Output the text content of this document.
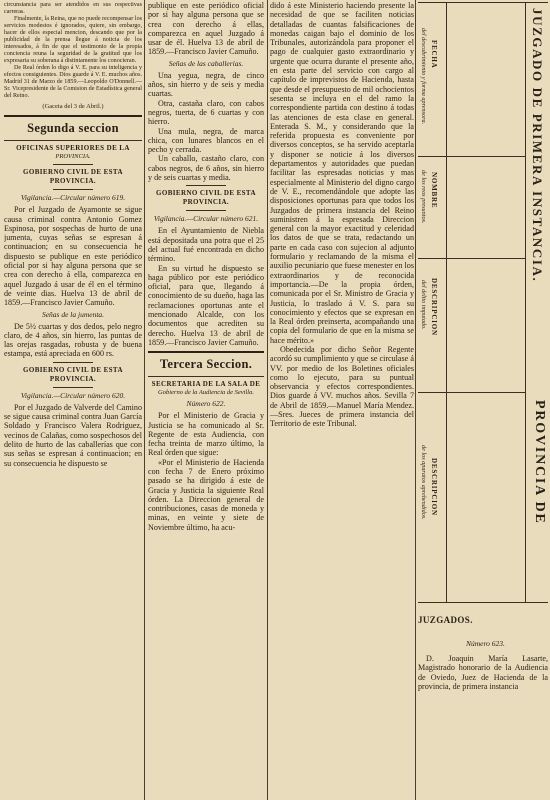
circunstancia para ser atendidos en sus respectivas carreras.

Finalmente, la Reina, que no puede recompensar los servicios modestos é ignorados, quiere, sin embargo, hacer de ellos especial mencion, descando que por la publicidad de la prensa llegue á noticia de los interesados, á fin de que el testimonio de la propia conciencia reuna la seguridad de la gratitud que los expresaria su soberana á distintamente los conocieran.

De Real órden lo digo á V. E. para su inteligencia y efectos consiguientes. Dios guarde á V. E. muchos años. Madrid 31 de Marzo de 1859.—Leopoldo O'Donnell.—Sr. Vicepresidente de la Comision de Estadística general del Reino.

(Gaceta del 3 de Abril.)

Segunda seccion
OFICINAS SUPERIORES DE LA
PROVINCIA.
GOBIERNO CIVIL DE ESTA PROVINCIA.
Vigilancia.—Circular número 619.

Por el Juzgado de Ayamonte se sigue causa criminal contra Antonio Gomez Espinosa, por sospechas de hurto de una jumenta, cuyas señas se espresan á continuacion; en su consecuencia he dispuesto se publique en este periódico oficial por si hay alguna persona que se crea con derecho á ella, comparezca en aquel Juzgado á usar de él en el término de veinte dias. Huelva 13 de abril de 1859.—Francisco Javier Camuño.

Señas de la jumenta.

De 5½ cuartas y dos dedos, pelo negro claro, de 4 años, sin hierro, las puntas de las orejas rasgadas, robusta y de buena estampa, está apreciada en 600 rs.

GOBIERNO CIVIL DE ESTA PROVINCIA.
Vigilancia.—Circular número 620.

Por el Juzgado de Valverde del Camino se sigue causa criminal contra Juan García Soldado y Francisco Valera Rodriguez, vecinos de Calañas, como sospechosos del delito de hurto de las caballerías que con sus señas se espresan á continuacion; en su consecuencia he dispuesto se

publique en este periódico oficial por si hay alguna persona que se crea con derecho á ellas, comparezca en aquel Juzgado á usar de él. Huelva 13 de abril de 1859.—Francisco Javier Camuño.

Señas de las caballerías.

Una yegua, negra, de cinco años, sin hierro y de seis y media cuartas.

Otra, castaña claro, con cabos negros, tuerta, de 6 cuartas y con hierro.

Una mula, negra, de marca chica, con lunares blancos en el pecho y cerrada.

Un caballo, castaño claro, con cabos negros, de 6 años, sin hierro y de seis cuartas y media.

GOBIERNO CIVIL DE ESTA PROVINCIA.
Vigilancia.—Circular número 621.

En el Ayuntamiento de Niebla está depositada una potra que el 25 del actual fué encontrada en dicho término.

En su virtud he dispuesto se haga público por este periódico oficial, para que, llegando á conocimiento de su dueño, haga las reclamaciones oportunas ante el mencionado Alcalde, con los documentos que acrediten su derecho. Huelva 13 de abril de 1859.—Francisco Javier Camuño.

Tercera Seccion.
SECRETARIA DE LA SALA DE
Gobierno de la Audiencia de Sevilla.
Número 622.

Por el Ministerio de Gracia y Justicia se ha comunicado al Sr. Regente de esta Audiencia, con fecha treinta de marzo último, la Real órden que sigue:

«Por el Ministerio de Hacienda con fecha 7 de Enero próximo pasado se ha dirigido á este de Gracia y Justicia la siguiente Real órden. La Direccion general de contribuciones, casas de moneda y minas, en veinte y siete de Noviembre último, ha acu-

dido á este Ministerio haciendo presente la necesidad de que se faciliten noticias detalladas de cuantas falsificaciones de monedas caigan bajo el dominio de los Tribunales, autorizándola para proponer el pago de cualquier gasto extraordinario y urgente que ocurra durante el presente año, en esta parte del servicio con cargo al capítulo de imprevistos de Hacienda, hasta que desde el presupuesto de mil ochocientos sesenta se incluya en el del ramo la correspondiente partida con destino á todas las atenciones de esta clase en general. Enterada S. M., y considerando que la referida propuesta es conveniente por diversos conceptos, se ha servido aceptarla y disponer se noticie á los diversos departamentos y autoridades que puedan facilitar las espresadas noticias y mas especialmente al Ministerio del digno cargo de V. E., recomendándole que adopte las disposiciones oportunas para que todos los Juzgados de primera instancia del Reino suministren á la espresada Direccion general con la mayor exactitud y celeridad los datos de que se trata, redactando un parte en cada caso con sujecion al adjunto formulario y reclamando de la misma el auxilio pecuniario que fuese menester en los extraordinarios y de reconocida importancia.—De la propia órden, comunicada por el Sr. Ministro de Gracia y Justicia, lo traslado á V. S. para su conocimiento y efectos que se expresan en la Real órden preinserta, acompañando una copia del formulario de que en la misma se hace mérito.»

Obedecida por dicho Señor Regente acordó su cumplimiento y que se circulase á VV. por medio de los Boletines oficiales como lo ejecuto, para su puntual observancia y efectos correspondientes. Dios guarde á VV. muchos años. Sevilla 7 de Abril de 1859.—Manuel María Mendez.—Sres. Jueces de primera instancia del Territorio de este Tribunal.

JUZGADO DE PRIMERA INSTANCIA.
PROVINCIA DE
FECHA
del descubrimiento y forma aprensora.
NOMBRE
de los reos presuntos.
DESCRIPCION
del delito imputado.
DESCRIPCION
de los aparatos aprehendidos.
JUZGADOS.
Número 623.
D. Joaquin María Lasarte, Magistrado honorario de la Audiencia de Oviedo, Juez de Hacienda de la provincia, de primera instancia
